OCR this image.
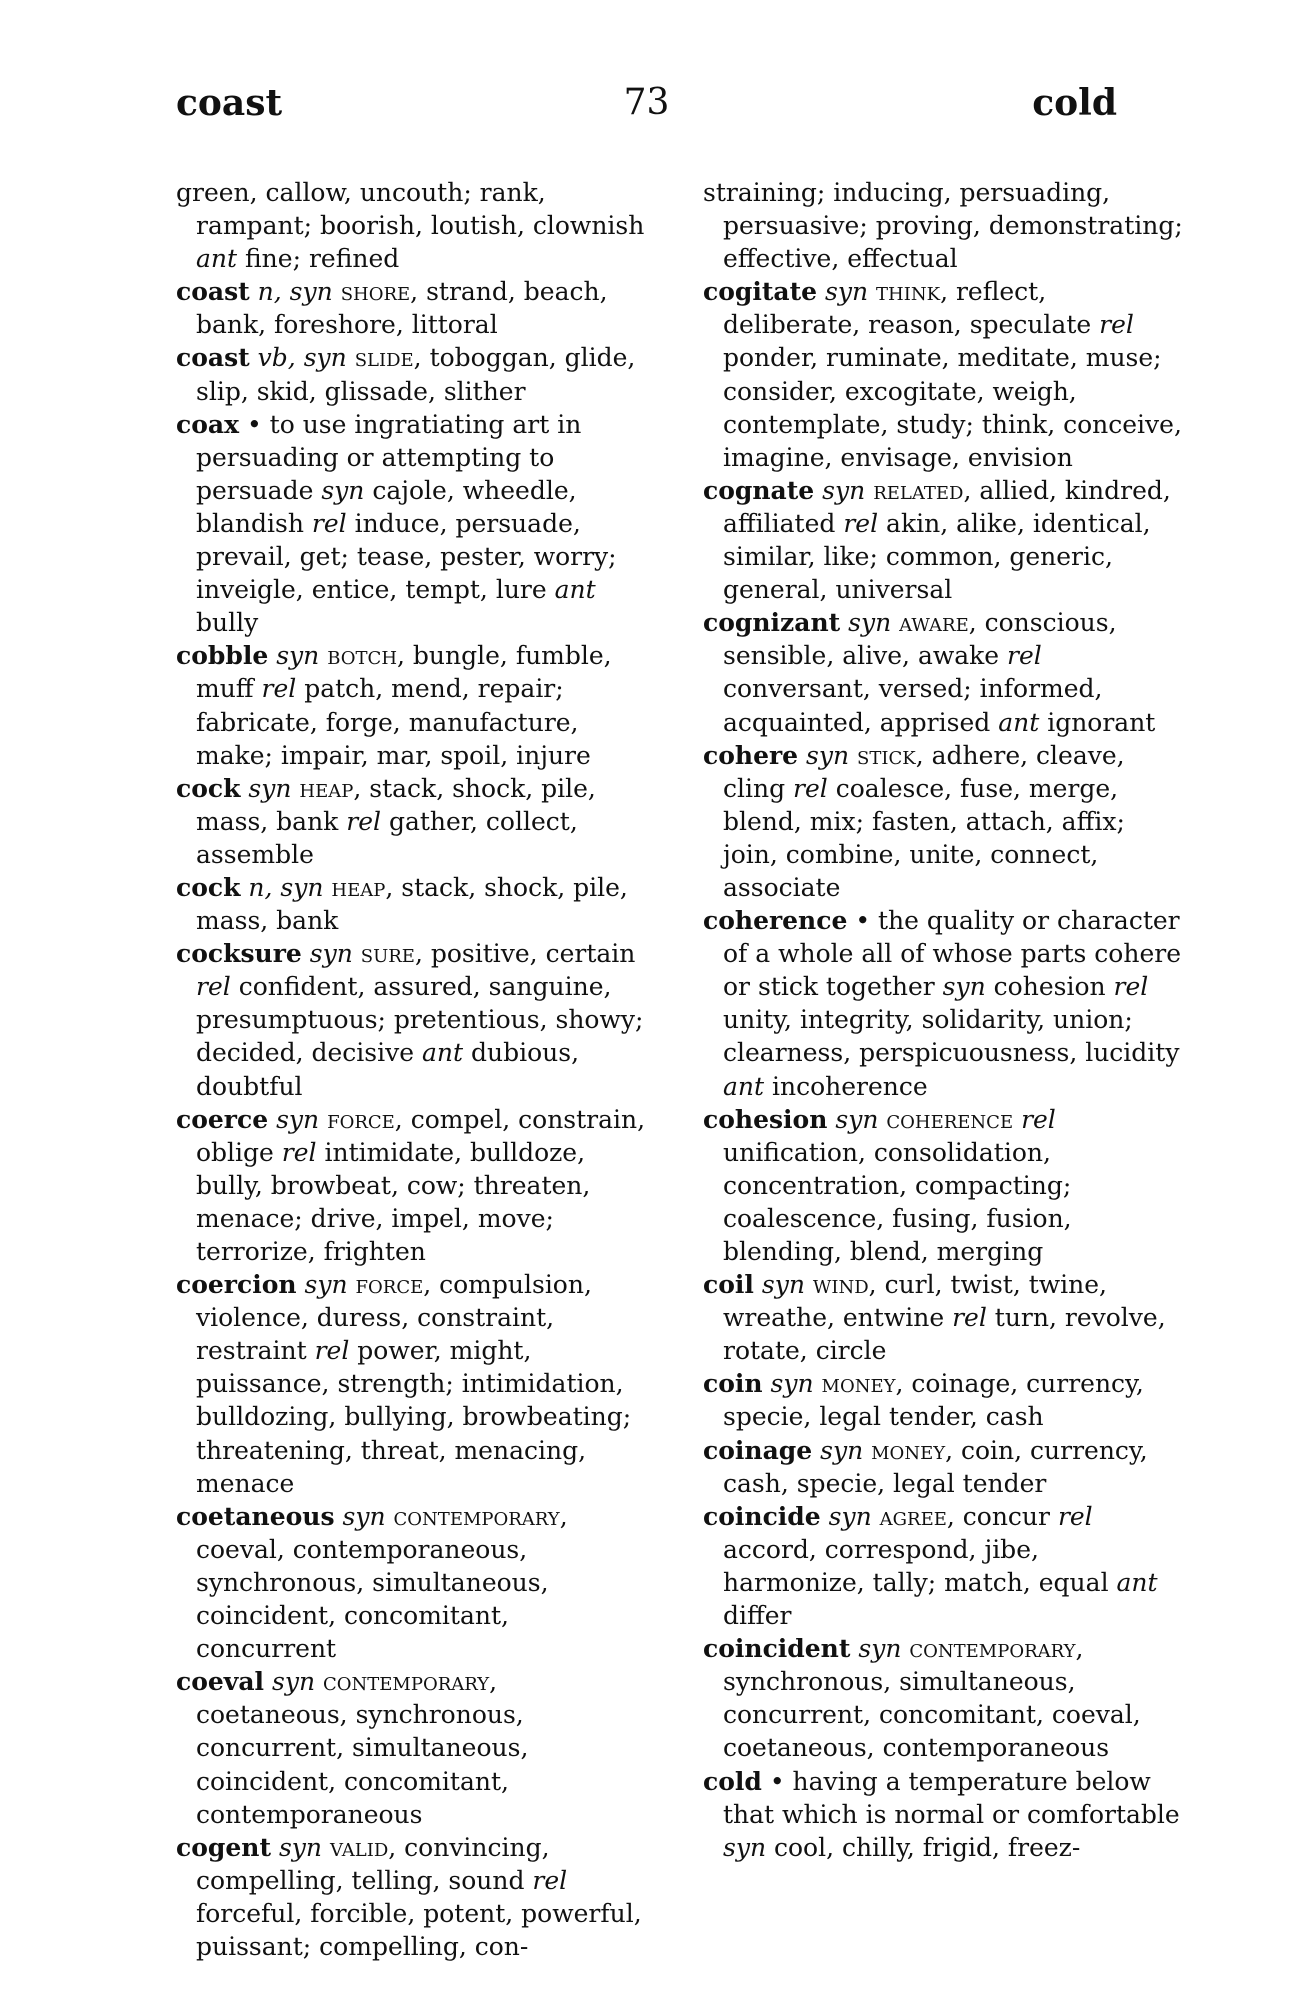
coast	73	cold

green, callow, uncouth; rank, rampant; boorish, loutish, clownish ant fine; refined

coast n, syn shore, strand, beach, bank, foreshore, littoral

coast vb, syn slide, toboggan, glide, slip, skid, glissade, slither

coax • to use ingratiating art in persuading or attempting to persuade syn cajole, wheedle, blandish rel induce, persuade, prevail, get; tease, pester, worry; inveigle, entice, tempt, lure ant bully

cobble syn botch, bungle, fumble, muff rel patch, mend, repair; fabricate, forge, manufacture, make; impair, mar, spoil, injure

cock syn heap, stack, shock, pile, mass, bank rel gather, collect, assemble

cock n, syn heap, stack, shock, pile, mass, bank

cocksure syn sure, positive, certain rel confident, assured, sanguine, presumptuous; pretentious, showy; decided, decisive ant dubious, doubtful

coerce syn force, compel, constrain, oblige rel intimidate, bulldoze, bully, browbeat, cow; threaten, menace; drive, impel, move; terrorize, frighten

coercion syn force, compulsion, violence, duress, constraint, restraint rel power, might, puissance, strength; intimidation, bulldozing, bullying, browbeating; threatening, threat, menacing, menace

coetaneous syn contemporary, coeval, contemporaneous, synchronous, simultaneous, coincident, concomitant, concurrent

coeval syn contemporary, coetaneous, synchronous, concurrent, simultaneous, coincident, concomitant, contemporaneous

cogent syn valid, convincing, compelling, telling, sound rel forceful, forcible, potent, powerful, puissant; compelling, con-

straining; inducing, persuading, persuasive; proving, demonstrating; effective, effectual

cogitate syn think, reflect, deliberate, reason, speculate rel ponder, ruminate, meditate, muse; consider, excogitate, weigh, contemplate, study; think, conceive, imagine, envisage, envision

cognate syn related, allied, kindred, affiliated rel akin, alike, identical, similar, like; common, generic, general, universal

cognizant syn aware, conscious, sensible, alive, awake rel conversant, versed; informed, acquainted, apprised ant ignorant

cohere syn stick, adhere, cleave, cling rel coalesce, fuse, merge, blend, mix; fasten, attach, affix; join, combine, unite, connect, associate

coherence • the quality or character of a whole all of whose parts cohere or stick together syn cohesion rel unity, integrity, solidarity, union; clearness, perspicuousness, lucidity ant incoherence

cohesion syn coherence rel unification, consolidation, concentration, compacting; coalescence, fusing, fusion, blending, blend, merging

coil syn wind, curl, twist, twine, wreathe, entwine rel turn, revolve, rotate, circle

coin syn money, coinage, currency, specie, legal tender, cash

coinage syn money, coin, currency, cash, specie, legal tender

coincide syn agree, concur rel accord, correspond, jibe, harmonize, tally; match, equal ant differ

coincident syn contemporary, synchronous, simultaneous, concurrent, concomitant, coeval, coetaneous, contemporaneous

cold • having a temperature below that which is normal or comfortable syn cool, chilly, frigid, freez-
